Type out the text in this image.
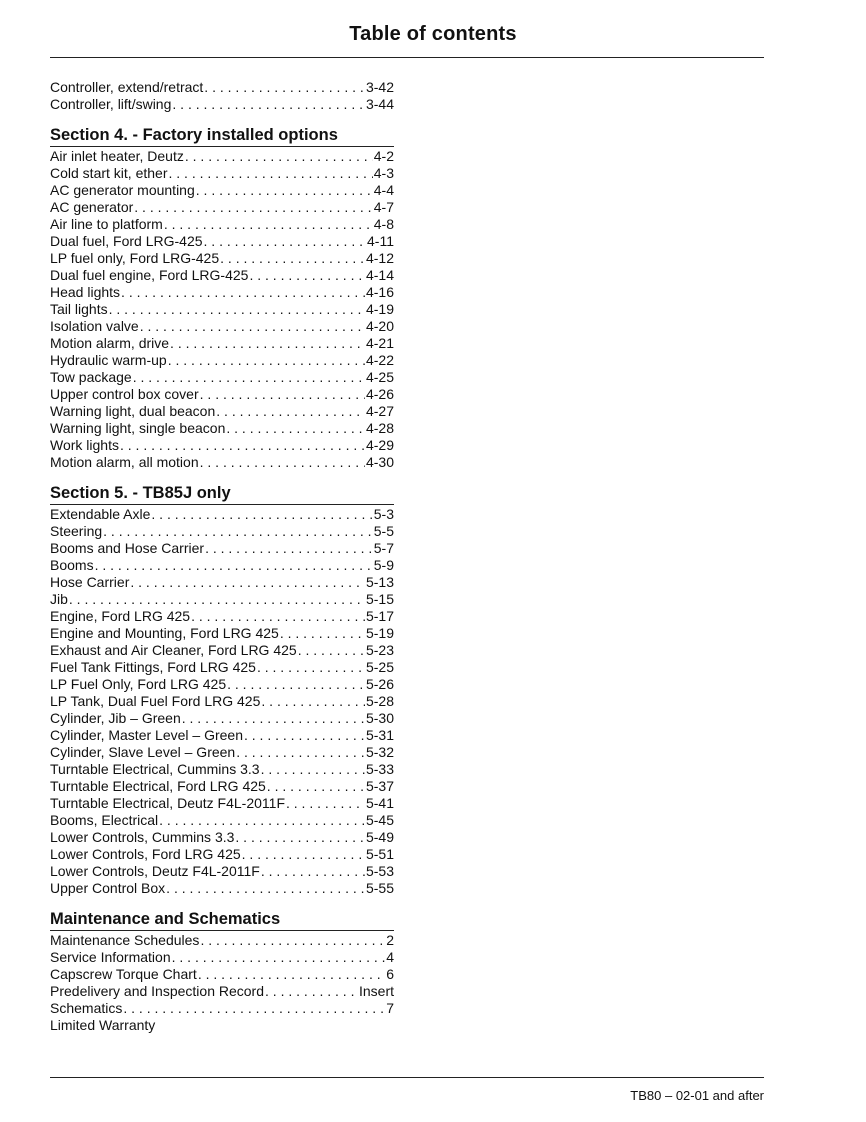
Table of contents
Controller, extend/retract . . .	3-42
Controller, lift/swing . . .	3-44
Section 4. - Factory installed options
Air inlet heater, Deutz . . .	4-2
Cold start kit, ether . . .	4-3
AC generator mounting . . .	4-4
AC generator . . .	4-7
Air line to platform . . .	4-8
Dual fuel, Ford LRG-425 . . .	4-11
LP fuel only, Ford LRG-425 . . .	4-12
Dual fuel engine, Ford LRG-425 . . .	4-14
Head lights . . .	4-16
Tail lights . . .	4-19
Isolation valve . . .	4-20
Motion alarm, drive . . .	4-21
Hydraulic warm-up . . .	4-22
Tow package . . .	4-25
Upper control box cover . . .	4-26
Warning light, dual beacon . . .	4-27
Warning light, single beacon . . .	4-28
Work lights . . .	4-29
Motion alarm, all motion . . .	4-30
Section 5. - TB85J only
Extendable Axle . . .	5-3
Steering . . .	5-5
Booms and Hose Carrier . . .	5-7
Booms . . .	5-9
Hose Carrier . . .	5-13
Jib . . .	5-15
Engine, Ford LRG 425 . . .	5-17
Engine and Mounting, Ford LRG 425 . . .	5-19
Exhaust and Air Cleaner, Ford LRG 425 . . .	5-23
Fuel Tank Fittings, Ford LRG 425 . . .	5-25
LP Fuel Only, Ford LRG 425 . . .	5-26
LP Tank, Dual Fuel Ford LRG 425 . . .	5-28
Cylinder, Jib – Green . . .	5-30
Cylinder, Master Level – Green . . .	5-31
Cylinder, Slave Level – Green . . .	5-32
Turntable Electrical, Cummins 3.3 . . .	5-33
Turntable Electrical, Ford LRG 425 . . .	5-37
Turntable Electrical, Deutz F4L-2011F . . .	5-41
Booms, Electrical . . .	5-45
Lower Controls, Cummins 3.3 . . .	5-49
Lower Controls, Ford LRG 425 . . .	5-51
Lower Controls, Deutz F4L-2011F . . .	5-53
Upper Control Box . . .	5-55
Maintenance and Schematics
Maintenance Schedules . . .	2
Service Information . . .	4
Capscrew Torque Chart . . .	6
Predelivery and Inspection Record . . .	Insert
Schematics . . .	7
Limited Warranty
TB80 – 02-01 and after
